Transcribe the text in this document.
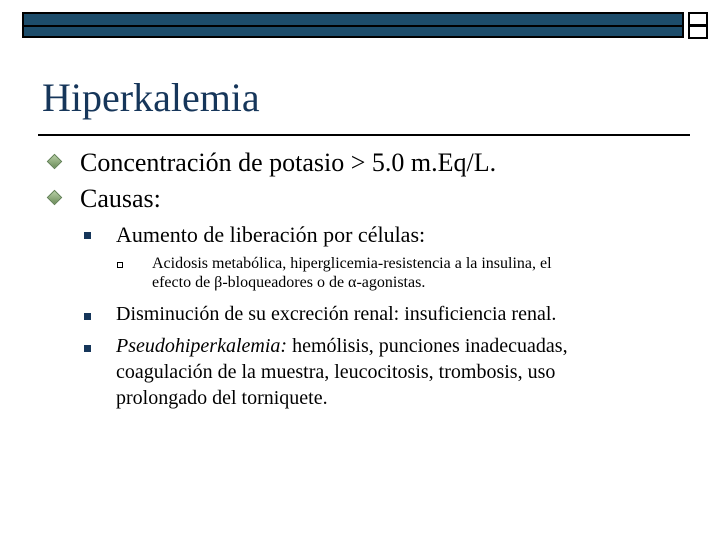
Hiperkalemia
Concentración de potasio > 5.0 m.Eq/L.
Causas:
Aumento de liberación por células:
Acidosis metabólica, hiperglicemia-resistencia a la insulina, el
efecto de β-bloqueadores o de α-agonistas.
Disminución de su excreción renal: insuficiencia renal.
Pseudohiperkalemia: hemólisis, punciones inadecuadas,
coagulación de la muestra, leucocitosis, trombosis, uso
prolongado del torniquete.
